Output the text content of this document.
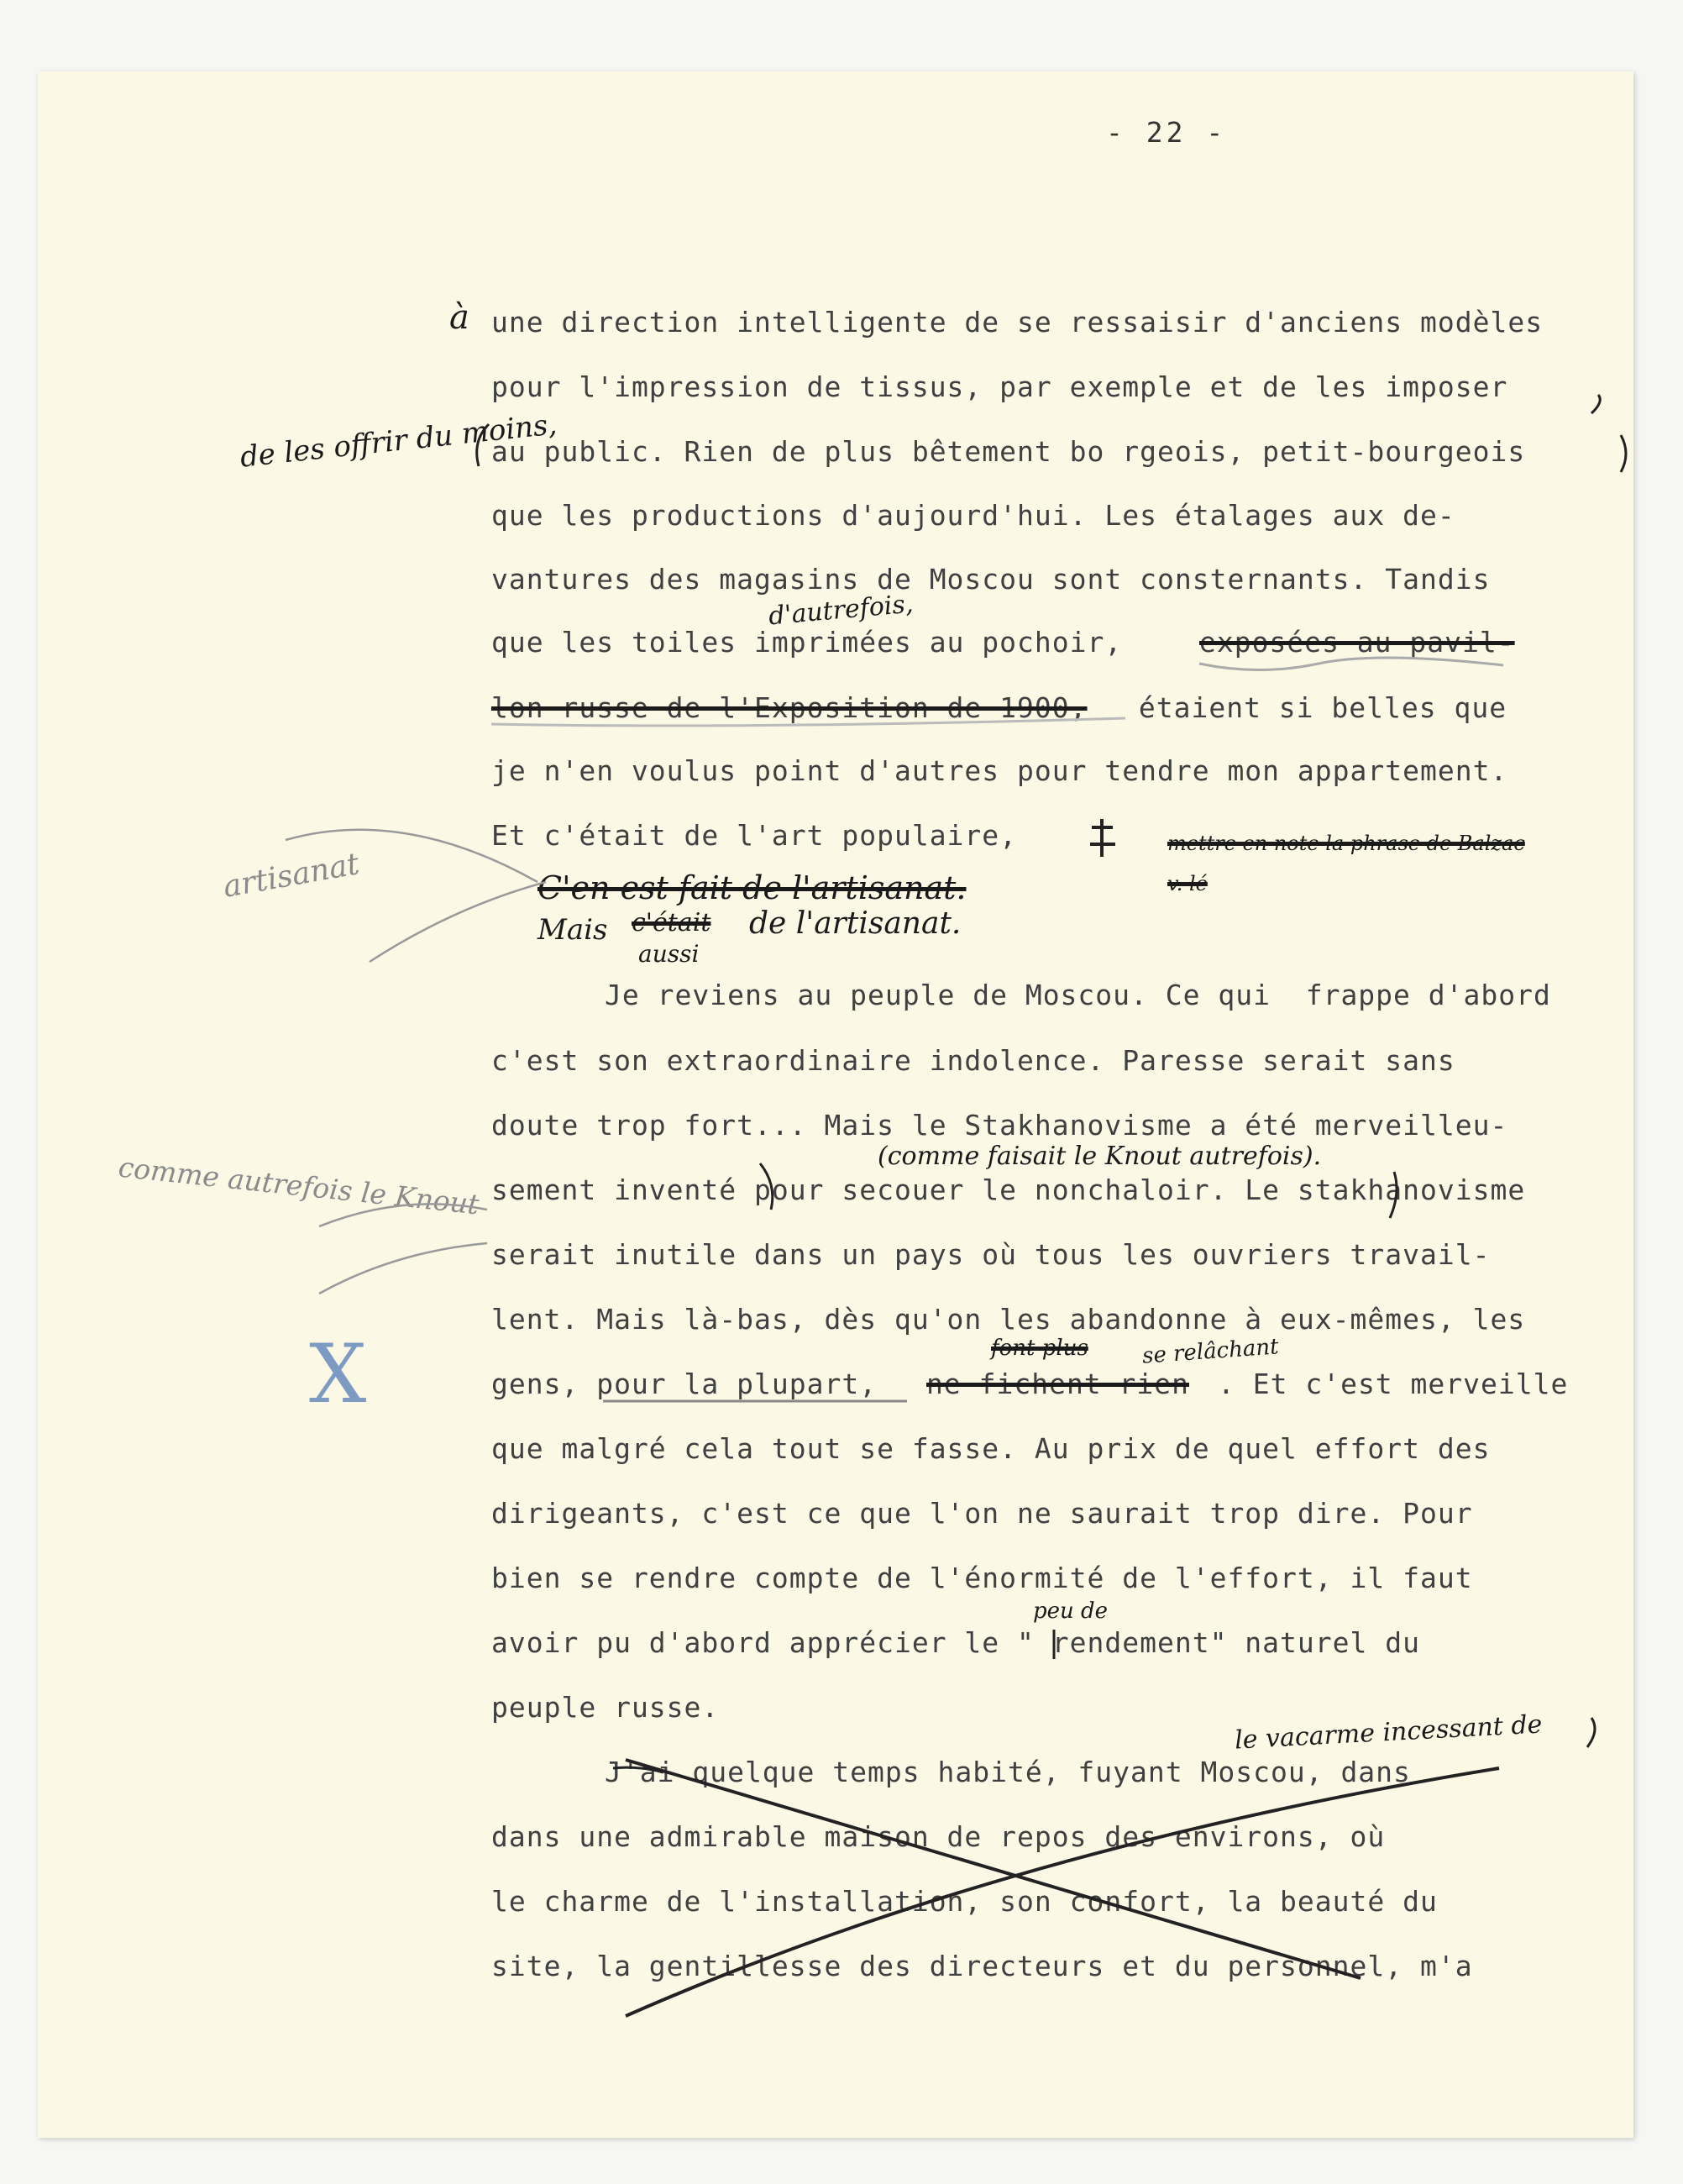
- 22 -
une direction intelligente de se ressaisir d'anciens modèles
pour l'impression de tissus, par exemple et de les imposer
au public. Rien de plus bêtement bo rgeois, petit-bourgeois
que les productions d'aujourd'hui. Les étalages aux de-
vantures des magasins de Moscou sont consternants. Tandis
que les toiles imprimées au pochoir, exposées au pavil-
lon russe de l'Exposition de 1900, étaient si belles que
je n'en voulus point d'autres pour tendre mon appartement.
Et c'était de l'art populaire,
Je reviens au peuple de Moscou. Ce qui  frappe d'abord
c'est son extraordinaire indolence. Paresse serait sans
doute trop fort... Mais le Stakhanovisme a été merveilleu-
sement inventé pour secouer le nonchaloir. Le stakhanovisme
serait inutile dans un pays où tous les ouvriers travail-
lent. Mais là-bas, dès qu'on les abandonne à eux-mêmes, les
gens, pour la plupart, ne fichent rien . Et c'est merveille
que malgré cela tout se fasse. Au prix de quel effort des
dirigeants, c'est ce que l'on ne saurait trop dire. Pour
bien se rendre compte de l'énormité de l'effort, il faut
avoir pu d'abord apprécier le " rendement" naturel du
peuple russe.
J'ai quelque temps habité, fuyant Moscou, dans
dans une admirable maison de repos des environs, où
le charme de l'installation, son confort, la beauté du
site, la gentillesse des directeurs et du personnel, m'a
à
de les offrir du moins,
d'autrefois,
artisanat	C'en est fait de l'artisanat.
Mais c'était de l'artisanat.
aussi
mettre en note la phrase de Balzac
v. lé
(comme faisait le Knout autrefois).
comme autrefois le Knout
X	font plus se relâchant
peu de
le vacarme incessant de
